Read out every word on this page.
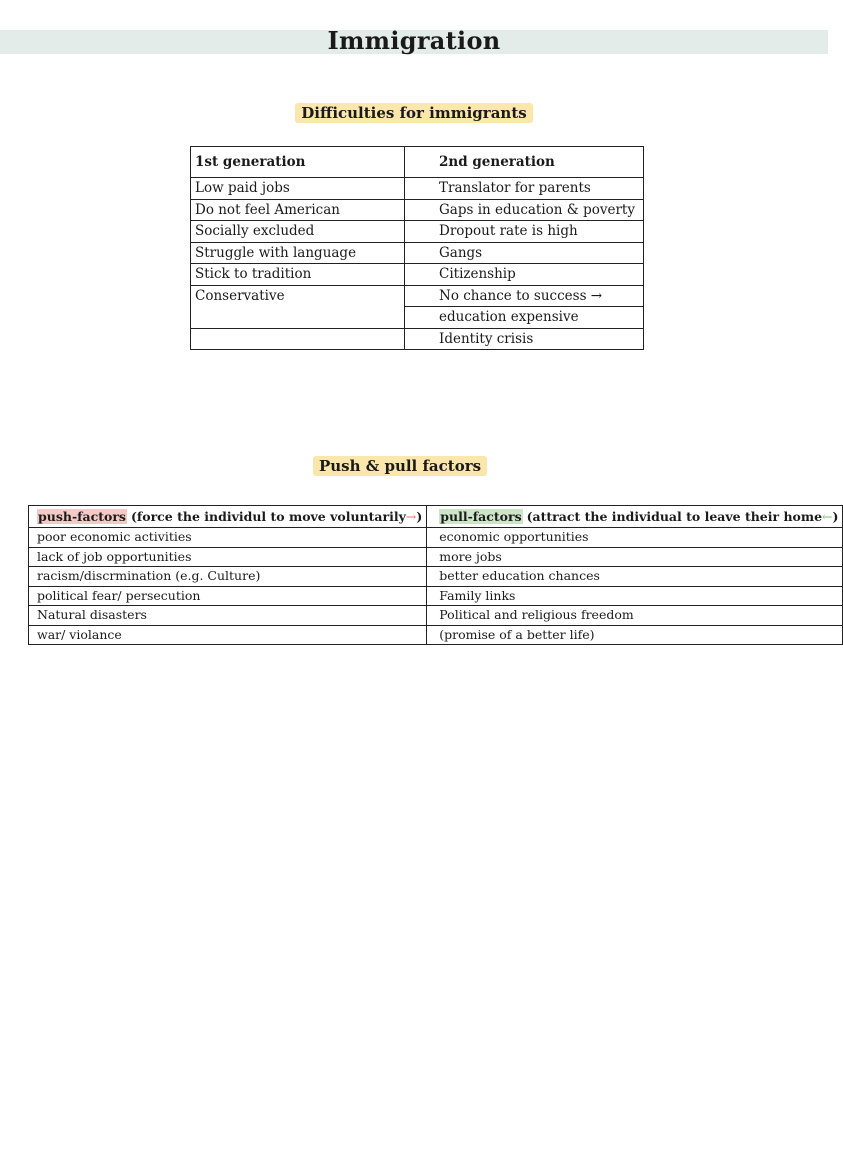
Immigration
Difficulties for immigrants
1st generation	2nd generation
Low paid jobs	Translator for parents
Do not feel American	Gaps in education & poverty
Socially excluded	Dropout rate is high
Struggle with language	Gangs
Stick to tradition	Citizenship
Conservative	No chance to success →
	education expensive
	Identity crisis
Push & pull factors
push-factors (force the individul to move voluntarily→)	pull-factors (attract the individual to leave their home←)
poor economic activities	economic opportunities
lack of job opportunities	more jobs
racism/discrmination (e.g. Culture)	better education chances
political fear/ persecution	Family links
Natural disasters	Political and religious freedom
war/ violance	(promise of a better life)
